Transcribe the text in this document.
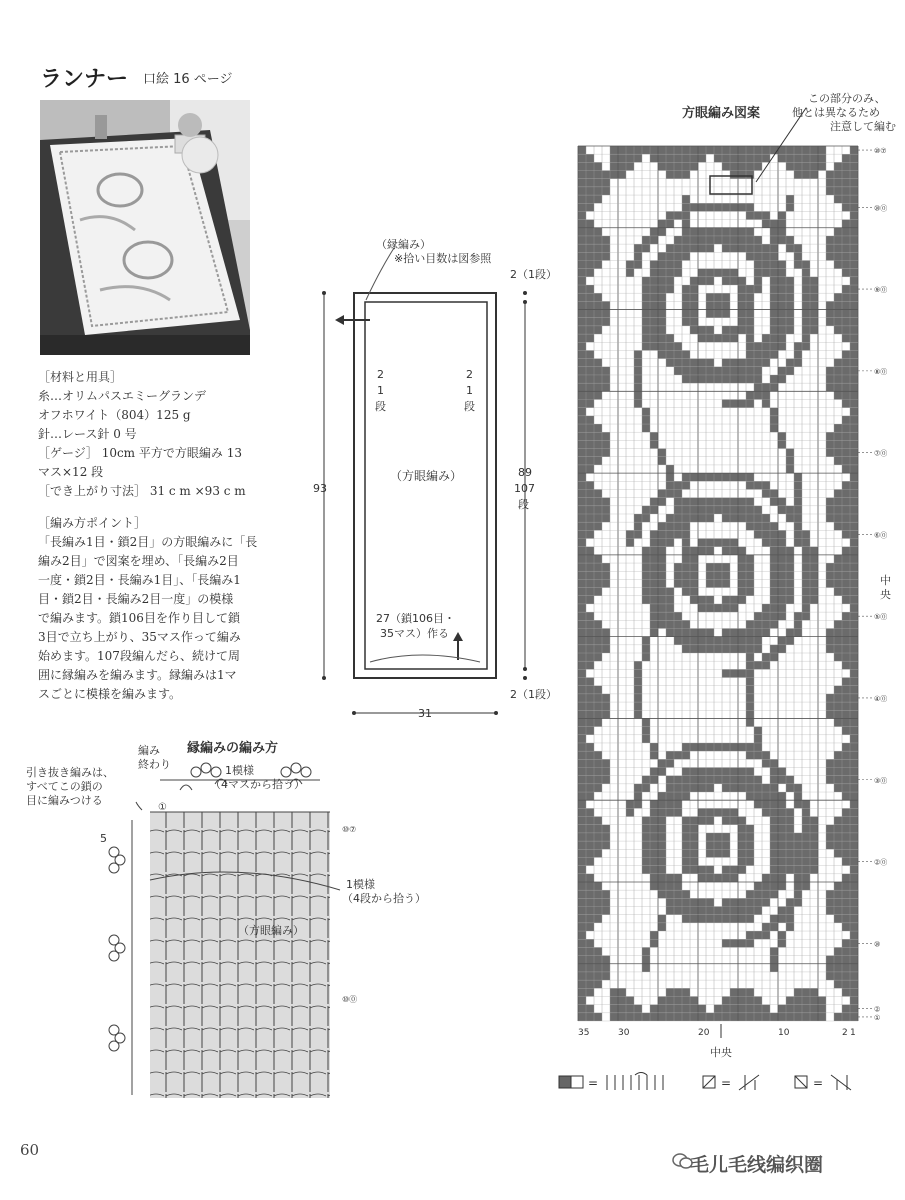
ランナー 口絵 16 ページ
［材料と用具］
糸…オリムパスエミーグランデ
オフホワイト（804）125 g
針…レース針 0 号
［ゲージ］ 10cm 平方で方眼編み 13
マス×12 段
［でき上がり寸法］ 31 c m ×93 c m
［編み方ポイント］
「長編み1目・鎖2目」の方眼編みに「長
編み2目」で図案を埋め、「長編み2目
一度・鎖2目・長編み1目」、「長編み1
目・鎖2目・長編み2目一度」の模様
で編みます。鎖106目を作り目して鎖
3目で立ち上がり、35マス作って編み
始めます。107段編んだら、続けて周
囲に縁編みを編みます。縁編みは1マ
スごとに模様を編みます。
（縁編み）
※拾い目数は図参照
2（1段）
2（1段）
2
1
段
2
1
段
（方眼編み）
93
89
107
段
27（鎖106目・
35マス）作る
31
縁編みの編み方
編み
終わり
引き抜き編みは、
すべてこの鎖の
目に編みつける
5
①
1模様
（4マスから拾う）
1模様
（4段から拾う）
（方眼編み）
⑩⑦
⑩⓪
方眼編み図案
この部分のみ、
他とは異なるため
注意して編む
⑩⑦
⑩⓪
⑨⓪
⑧⓪
⑦⓪
⑥⓪
⑤⓪
④⓪
③⓪
②⓪
⑩
②
①
35	30	20	10	2 1
中
央
中央
=	=	=
60
毛儿毛线编织圈
